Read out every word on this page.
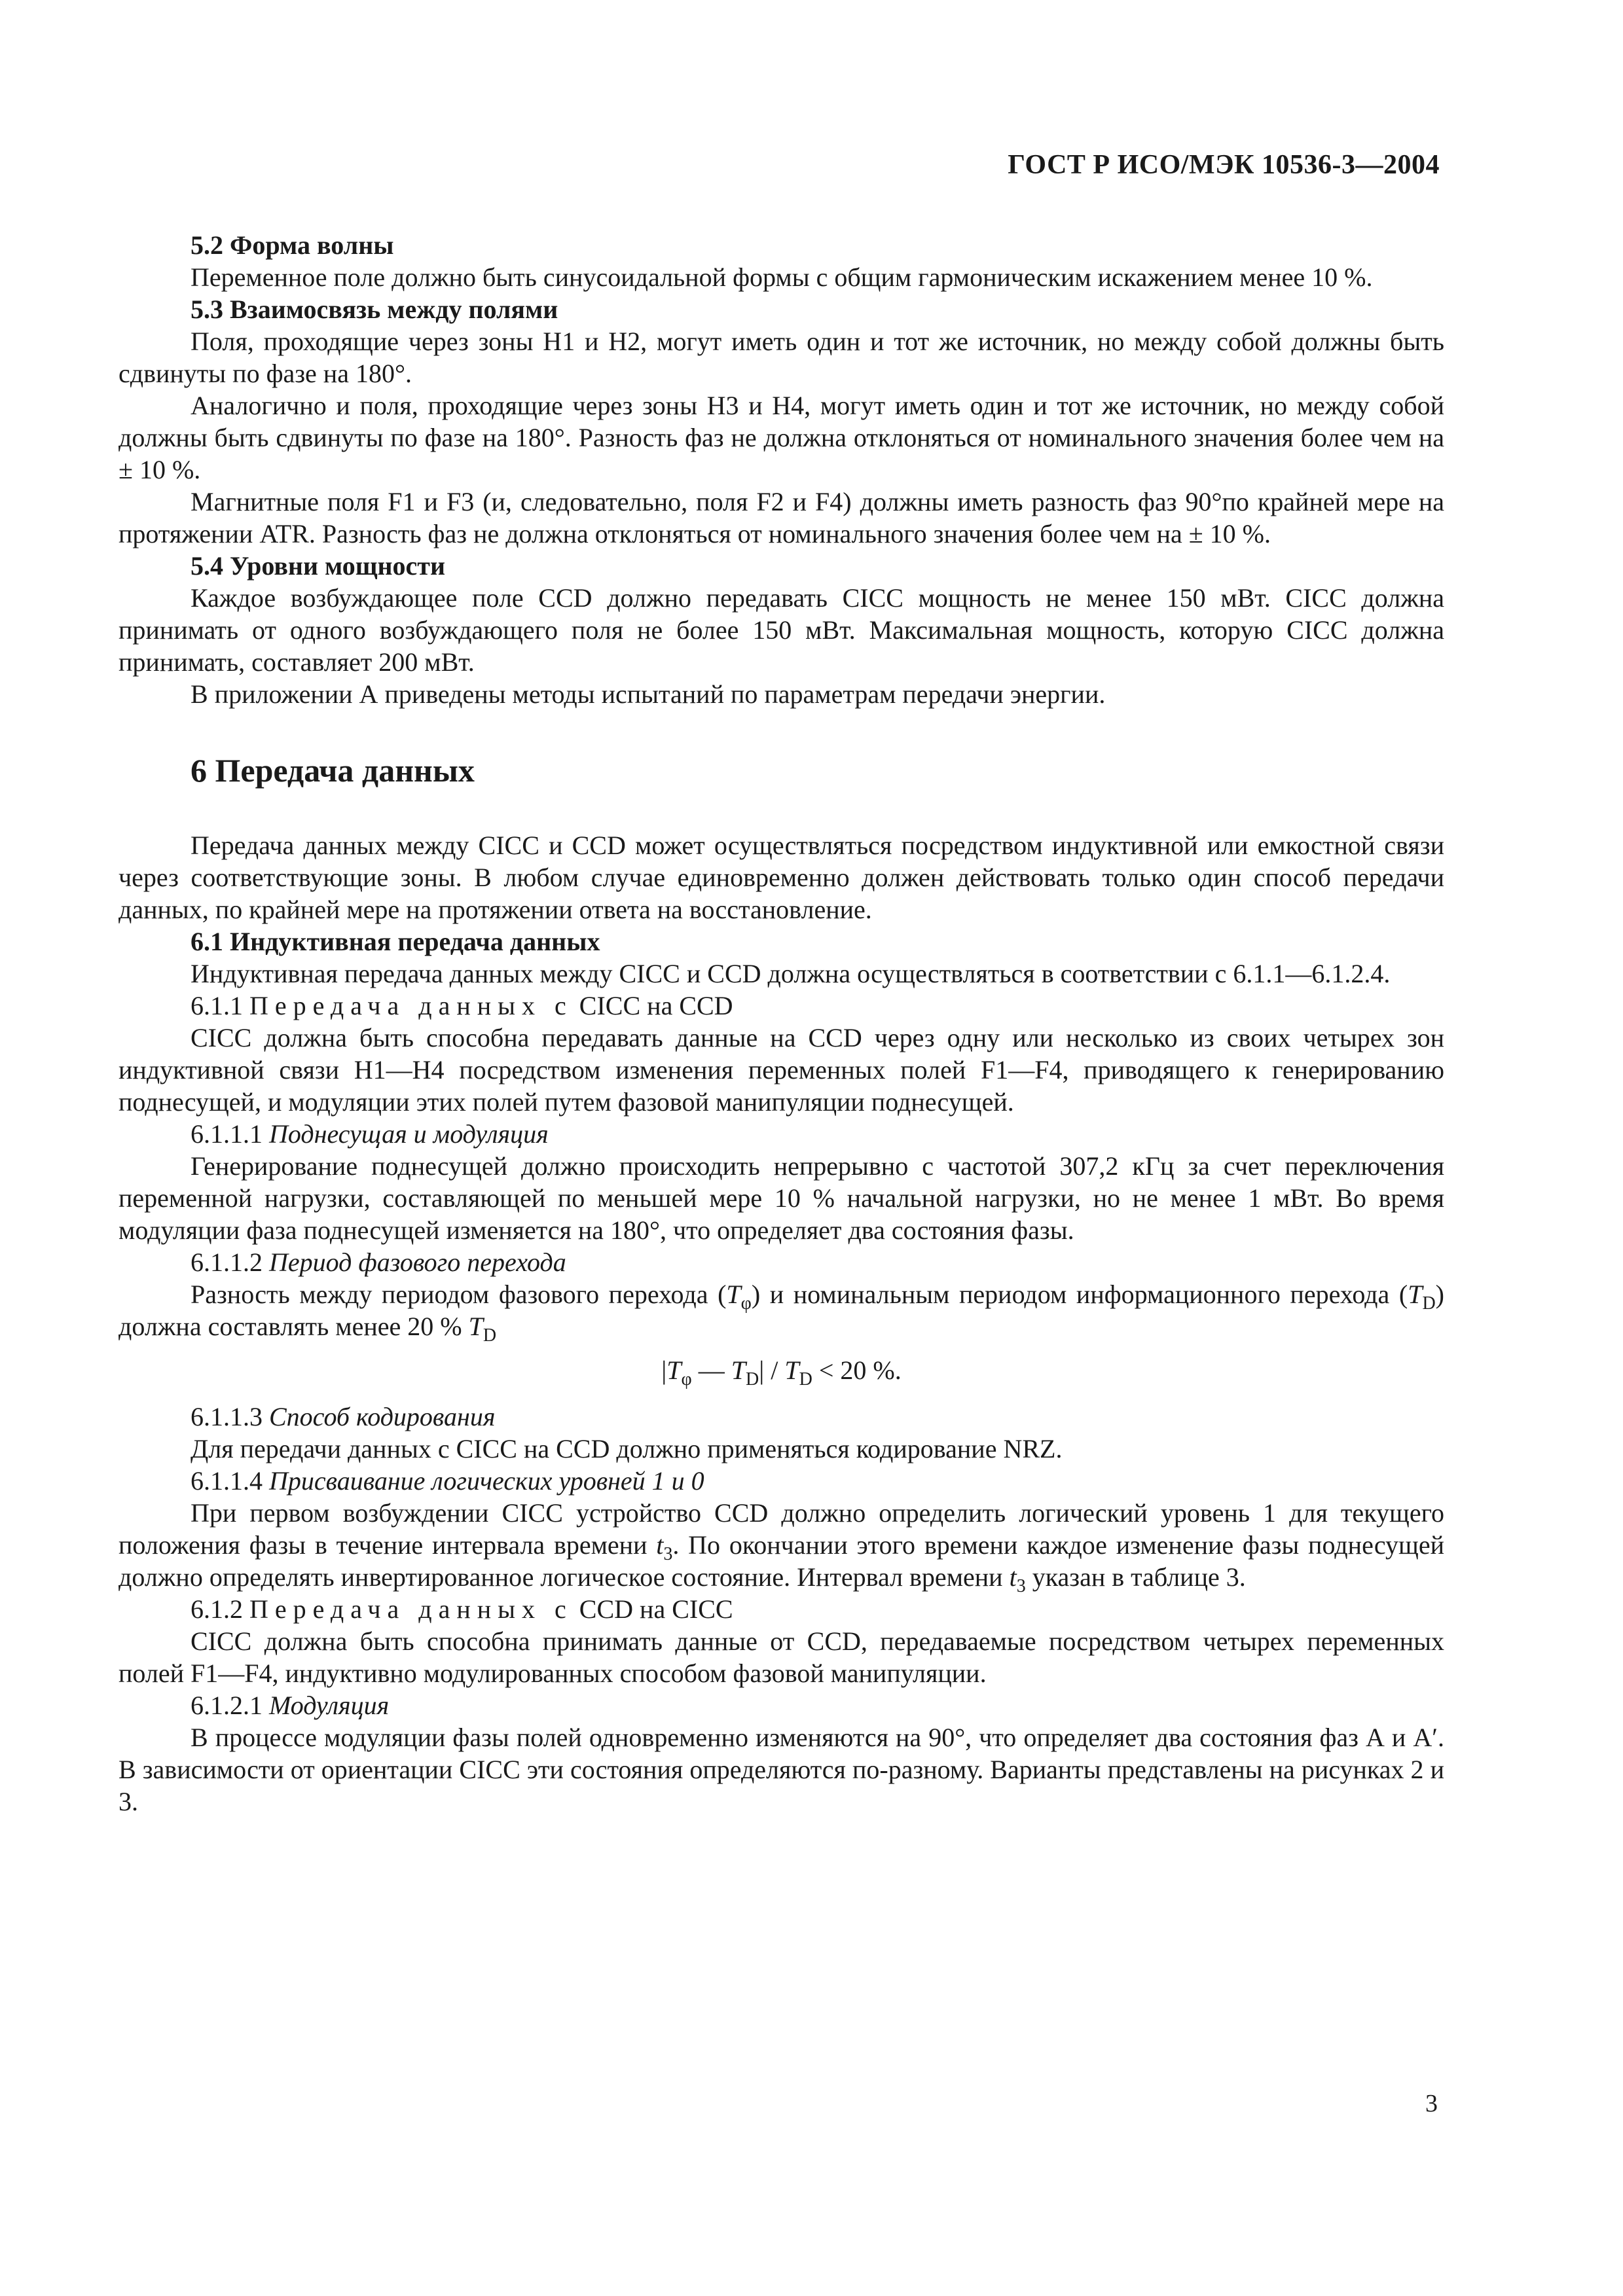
ГОСТ Р ИСО/МЭК 10536-3—2004

5.2 Форма волны

Переменное поле должно быть синусоидальной формы с общим гармоническим искажением менее 10 %.

5.3 Взаимосвязь между полями

Поля, проходящие через зоны H1 и H2, могут иметь один и тот же источник, но между собой должны быть сдвинуты по фазе на 180°.

Аналогично и поля, проходящие через зоны H3 и H4, могут иметь один и тот же источник, но между собой должны быть сдвинуты по фазе на 180°. Разность фаз не должна отклоняться от номинального значения более чем на ± 10 %.

Магнитные поля F1 и F3 (и, следовательно, поля F2 и F4) должны иметь разность фаз 90°по крайней мере на протяжении ATR. Разность фаз не должна отклоняться от номинального значения более чем на ± 10 %.

5.4 Уровни мощности

Каждое возбуждающее поле CCD должно передавать CICC мощность не менее 150 мВт. CICC должна принимать от одного возбуждающего поля не более 150 мВт. Максимальная мощность, которую CICC должна принимать, составляет 200 мВт.

В приложении А приведены методы испытаний по параметрам передачи энергии.

6 Передача данных

Передача данных между CICC и CCD может осуществляться посредством индуктивной или емкостной связи через соответствующие зоны. В любом случае единовременно должен действовать только один способ передачи данных, по крайней мере на протяжении ответа на восстановление.

6.1 Индуктивная передача данных

Индуктивная передача данных между CICC и CCD должна осуществляться в соответствии с 6.1.1—6.1.2.4.

6.1.1 Передача данных с CICC на CCD

CICC должна быть способна передавать данные на CCD через одну или несколько из своих четырех зон индуктивной связи H1—H4 посредством изменения переменных полей F1—F4, приводящего к генерированию поднесущей, и модуляции этих полей путем фазовой манипуляции поднесущей.

6.1.1.1 Поднесущая и модуляция

Генерирование поднесущей должно происходить непрерывно с частотой 307,2 кГц за счет переключения переменной нагрузки, составляющей по меньшей мере 10 % начальной нагрузки, но не менее 1 мВт. Во время модуляции фаза поднесущей изменяется на 180°, что определяет два состояния фазы.

6.1.1.2 Период фазового перехода

Разность между периодом фазового перехода $(T_\varphi)$ и номинальным периодом информационного перехода $(T_D)$ должна составлять менее 20 % $T_D$

$|T_\varphi$ — $T_D| / T_D < 20$ %.

6.1.1.3 Способ кодирования

Для передачи данных с CICC на CCD должно применяться кодирование NRZ.

6.1.1.4 Присваивание логических уровней 1 и 0

При первом возбуждении CICC устройство CCD должно определить логический уровень 1 для текущего положения фазы в течение интервала времени $t_3$. По окончании этого времени каждое изменение фазы поднесущей должно определять инвертированное логическое состояние. Интервал времени $t_3$ указан в таблице 3.

6.1.2 Передача данных с CCD на CICC

CICC должна быть способна принимать данные от CCD, передаваемые посредством четырех переменных полей F1—F4, индуктивно модулированных способом фазовой манипуляции.

6.1.2.1 Модуляция

В процессе модуляции фазы полей одновременно изменяются на 90°, что определяет два состояния фаз А и А′. В зависимости от ориентации CICC эти состояния определяются по-разному. Варианты представлены на рисунках 2 и 3.

3
